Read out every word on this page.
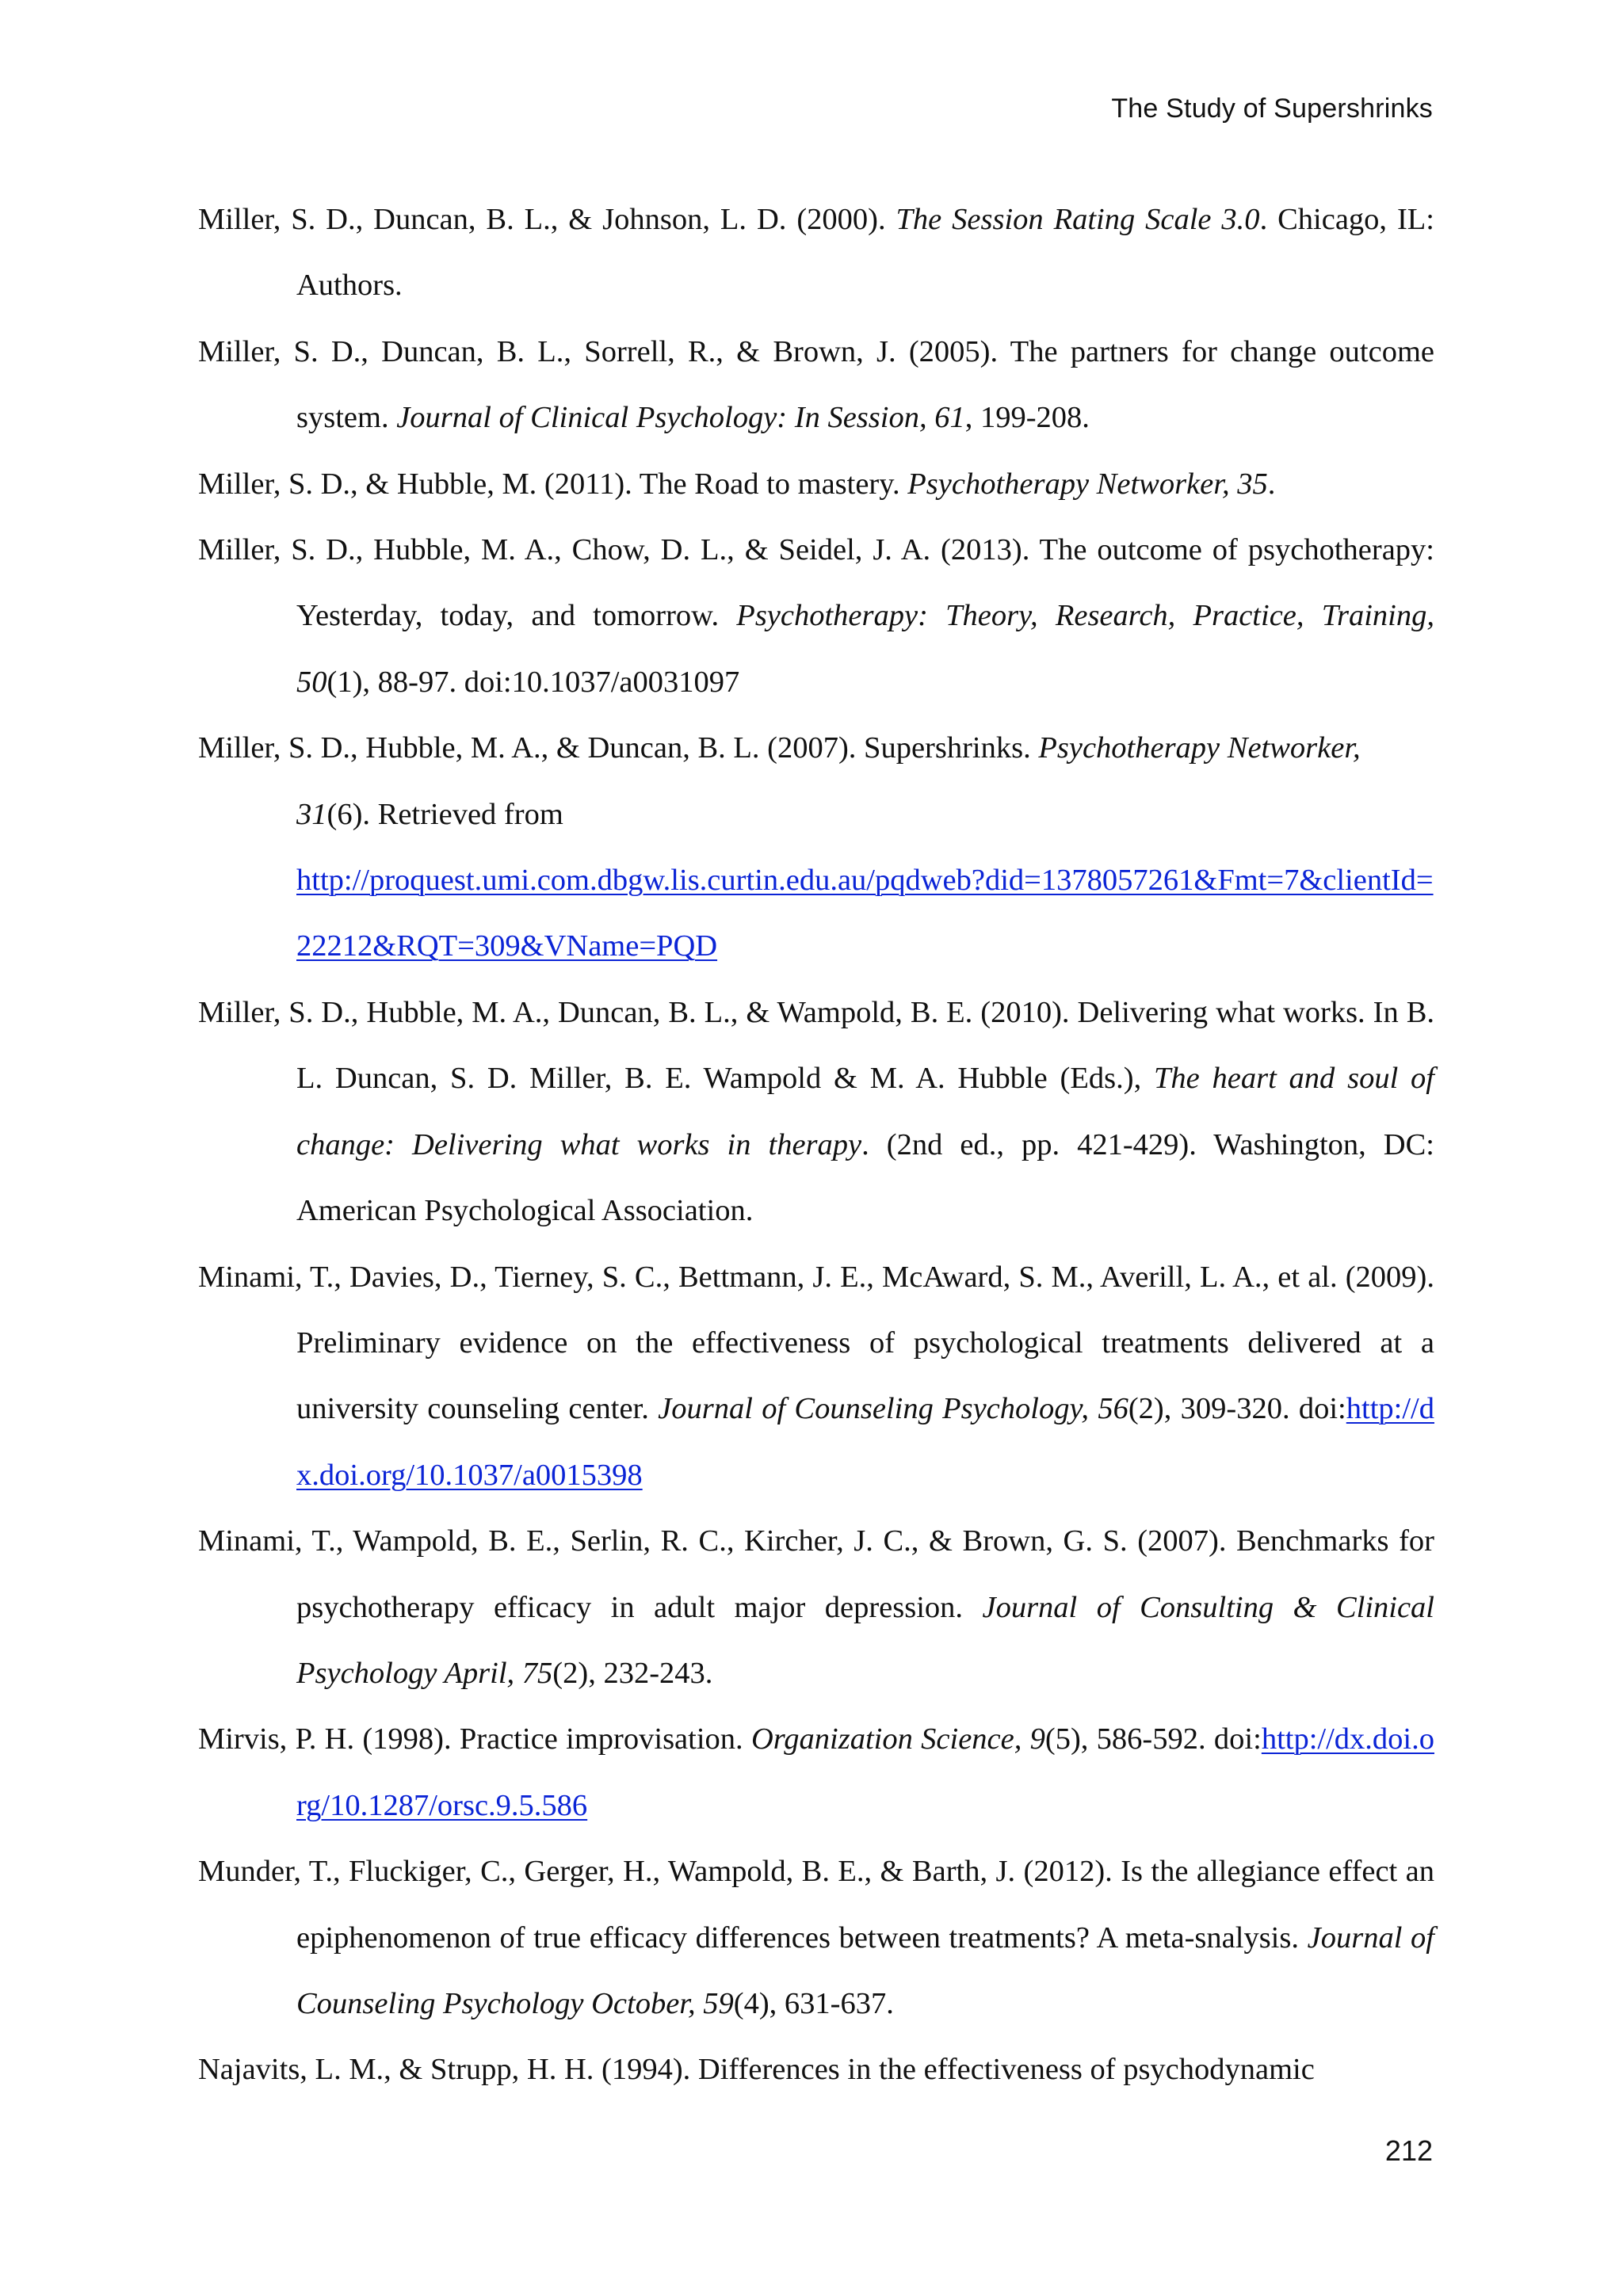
The Study of Supershrinks

Miller, S. D., Duncan, B. L., & Johnson, L. D. (2000). The Session Rating Scale 3.0. Chicago, IL: Authors.

Miller, S. D., Duncan, B. L., Sorrell, R., & Brown, J. (2005). The partners for change outcome system. Journal of Clinical Psychology: In Session, 61, 199-208.

Miller, S. D., & Hubble, M. (2011). The Road to mastery. Psychotherapy Networker, 35.

Miller, S. D., Hubble, M. A., Chow, D. L., & Seidel, J. A. (2013). The outcome of psychotherapy: Yesterday, today, and tomorrow. Psychotherapy: Theory, Research, Practice, Training, 50(1), 88-97. doi:10.1037/a0031097

Miller, S. D., Hubble, M. A., & Duncan, B. L. (2007). Supershrinks. Psychotherapy Networker, 31(6). Retrieved from
http://proquest.umi.com.dbgw.lis.curtin.edu.au/pqdweb?did=1378057261&Fmt=7&clientId=22212&RQT=309&VName=PQD

Miller, S. D., Hubble, M. A., Duncan, B. L., & Wampold, B. E. (2010). Delivering what works. In B. L. Duncan, S. D. Miller, B. E. Wampold & M. A. Hubble (Eds.), The heart and soul of change: Delivering what works in therapy. (2nd ed., pp. 421-429). Washington, DC: American Psychological Association.

Minami, T., Davies, D., Tierney, S. C., Bettmann, J. E., McAward, S. M., Averill, L. A., et al. (2009). Preliminary evidence on the effectiveness of psychological treatments delivered at a university counseling center. Journal of Counseling Psychology, 56(2), 309-320. doi:http://dx.doi.org/10.1037/a0015398

Minami, T., Wampold, B. E., Serlin, R. C., Kircher, J. C., & Brown, G. S. (2007). Benchmarks for psychotherapy efficacy in adult major depression. Journal of Consulting & Clinical Psychology April, 75(2), 232-243.

Mirvis, P. H. (1998). Practice improvisation. Organization Science, 9(5), 586-592. doi:http://dx.doi.org/10.1287/orsc.9.5.586

Munder, T., Fluckiger, C., Gerger, H., Wampold, B. E., & Barth, J. (2012). Is the allegiance effect an epiphenomenon of true efficacy differences between treatments? A meta-snalysis. Journal of Counseling Psychology October, 59(4), 631-637.

Najavits, L. M., & Strupp, H. H. (1994). Differences in the effectiveness of psychodynamic

212
